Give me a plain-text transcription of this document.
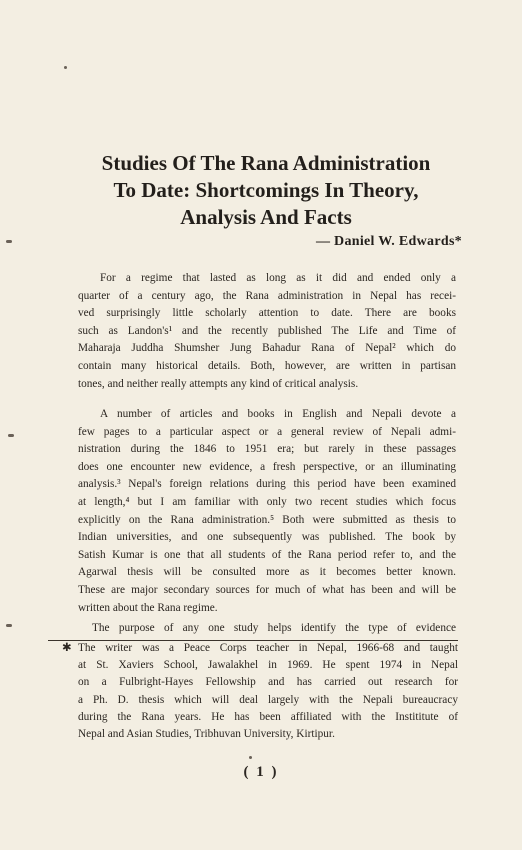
Studies Of The Rana Administration
To Date: Shortcomings In Theory,
Analysis And Facts
— Daniel W. Edwards*
For a regime that lasted as long as it did and ended only a
quarter of a century ago, the Rana administration in Nepal has recei-
ved surprisingly little scholarly attention to date. There are books
such as Landon's¹ and the recently published The Life and Time of
Maharaja Juddha Shumsher Jung Bahadur Rana of Nepal² which do
contain many historical details. Both, however, are written in partisan
tones, and neither really attempts any kind of critical analysis.
A number of articles and books in English and Nepali devote a
few pages to a particular aspect or a general review of Nepali admi-
nistration during the 1846 to 1951 era; but rarely in these passages
does one encounter new evidence, a fresh perspective, or an illuminating
analysis.³ Nepal's foreign relations during this period have been examined
at length,⁴ but I am familiar with only two recent studies which focus
explicitly on the Rana administration.⁵ Both were submitted as thesis to
Indian universities, and one subsequently was published. The book by
Satish Kumar is one that all students of the Rana period refer to, and the
Agarwal thesis will be consulted more as it becomes better known.
These are major secondary sources for much of what has been and will be
written about the Rana regime.
The purpose of any one study helps identify the type of evidence
✱ The writer was a Peace Corps teacher in Nepal, 1966-68 and taught
at St. Xaviers School, Jawalakhel in 1969. He spent 1974 in Nepal
on a Fulbright-Hayes Fellowship and has carried out research for
a Ph. D. thesis which will deal largely with the Nepali bureaucracy
during the Rana years. He has been affiliated with the Instititute of
Nepal and Asian Studies, Tribhuvan University, Kirtipur.
( 1 )
